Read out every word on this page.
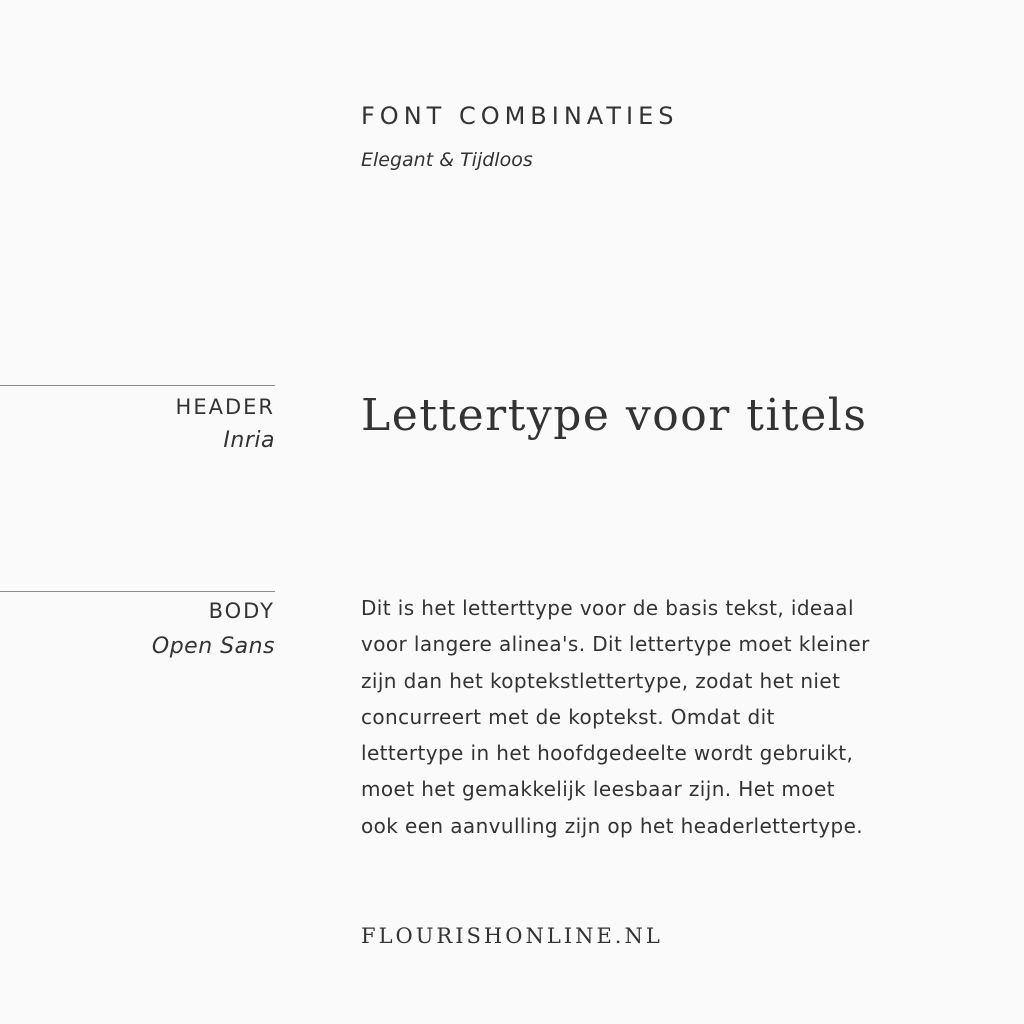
FONT COMBINATIES
Elegant & Tijdloos
HEADER
Inria Lettertype voor titels
BODY
Open Sans
Dit is het letterttype voor de basis tekst, ideaal
voor langere alinea's. Dit lettertype moet kleiner
zijn dan het koptekstlettertype, zodat het niet
concurreert met de koptekst. Omdat dit
lettertype in het hoofdgedeelte wordt gebruikt,
moet het gemakkelijk leesbaar zijn. Het moet
ook een aanvulling zijn op het headerlettertype.
FLOURISHONLINE.NL
